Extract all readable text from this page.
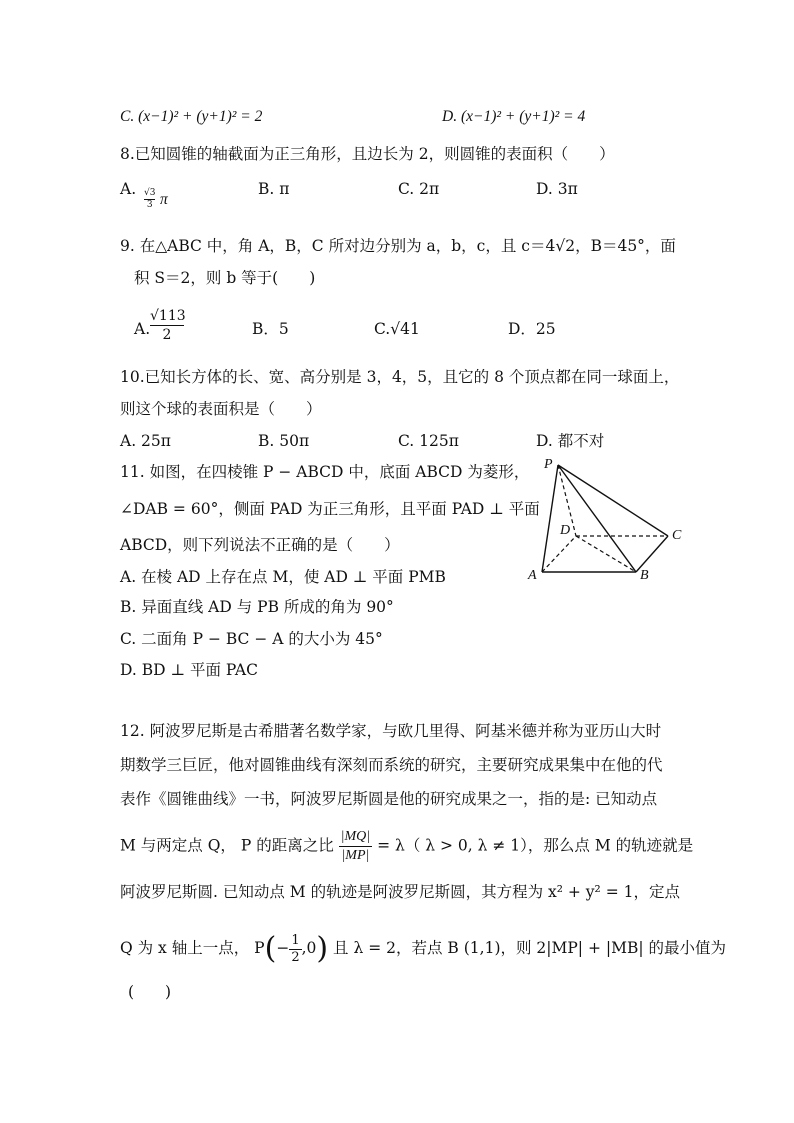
C. (x−1)² + (y+1)² = 2	D. (x−1)² + (y+1)² = 4
8.已知圆锥的轴截面为正三角形，且边长为 2，则圆锥的表面积（　　）
A. $\frac{√3}{3}$ π
B. π	C. 2π	D. 3π
9. 在△ABC 中，角 A，B，C 所对边分别为 a，b，c，且 c＝4√2，B＝45°，面
积 S＝2，则 b 等于(　　)
A. $\frac{√113}{2}$	B．5	C.√41	D．25
10.已知长方体的长、宽、高分别是 3，4，5，且它的 8 个顶点都在同一球面上，
则这个球的表面积是（　　）
A. 25π	B. 50π	C. 125π	D. 都不对
11. 如图，在四棱锥 P − ABCD 中，底面 ABCD 为菱形，
∠DAB = 60°，侧面 PAD 为正三角形，且平面 PAD ⊥ 平面
ABCD，则下列说法不正确的是（　　）
A. 在棱 AD 上存在点 M，使 AD ⊥ 平面 PMB
B. 异面直线 AD 与 PB 所成的角为 90°
C. 二面角 P − BC − A 的大小为 45°
D. BD ⊥ 平面 PAC
P
D	C
A	B
12. 阿波罗尼斯是古希腊著名数学家，与欧几里得、阿基米德并称为亚历山大时
期数学三巨匠，他对圆锥曲线有深刻而系统的研究，主要研究成果集中在他的代
表作《圆锥曲线》一书，阿波罗尼斯圆是他的研究成果之一，指的是: 已知动点
M 与两定点 Q， P 的距离之比 $\frac{|MQ|}{|MP|} = \lambda$（ λ > 0, λ ≠ 1），那么点 M 的轨迹就是
阿波罗尼斯圆. 已知动点 M 的轨迹是阿波罗尼斯圆，其方程为 x² + y² = 1，定点
Q 为 x 轴上一点， $P(- \frac{1}{2} ,0)$ 且 λ = 2，若点 B (1,1)，则 2|MP| + |MB| 的最小值为
(　　)
